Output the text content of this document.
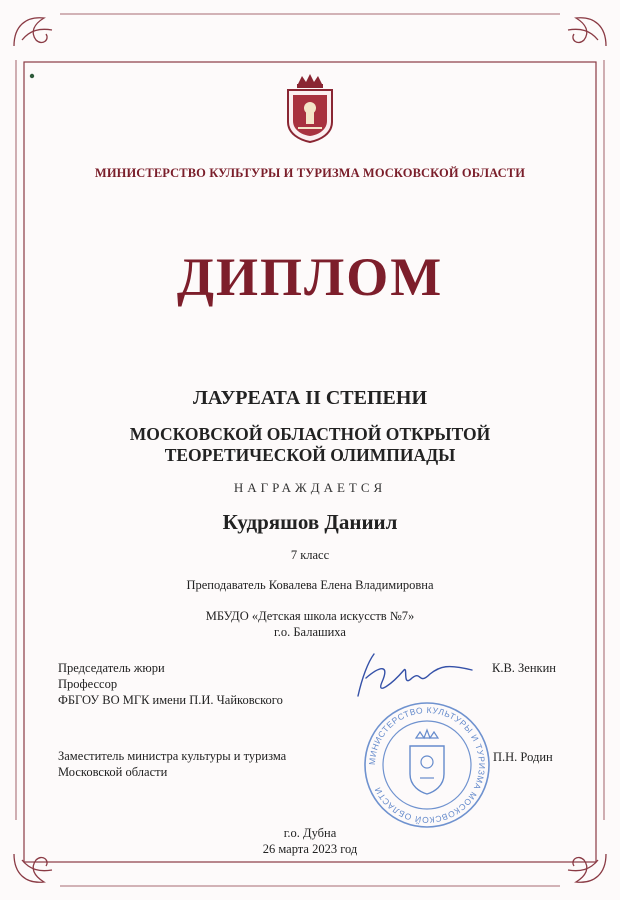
МИНИСТЕРСТВО КУЛЬТУРЫ И ТУРИЗМА МОСКОВСКОЙ ОБЛАСТИ
ДИПЛОМ
ЛАУРЕАТА II СТЕПЕНИ
МОСКОВСКОЙ ОБЛАСТНОЙ ОТКРЫТОЙ
ТЕОРЕТИЧЕСКОЙ ОЛИМПИАДЫ
НАГРАЖДАЕТСЯ
Кудряшов Даниил
7 класс
Преподаватель Ковалева Елена Владимировна
МБУДО «Детская школа искусств №7»
г.о. Балашиха
Председатель жюри
Профессор
ФБГОУ ВО МГК имени П.И. Чайковского
К.В. Зенкин
Заместитель министра культуры и туризма
Московской области
П.Н. Родин
МИНИСТЕРСТВО КУЛЬТУРЫ И ТУРИЗМА МОСКОВСКОЙ ОБЛАСТИ
г.о. Дубна
26 марта 2023 год
